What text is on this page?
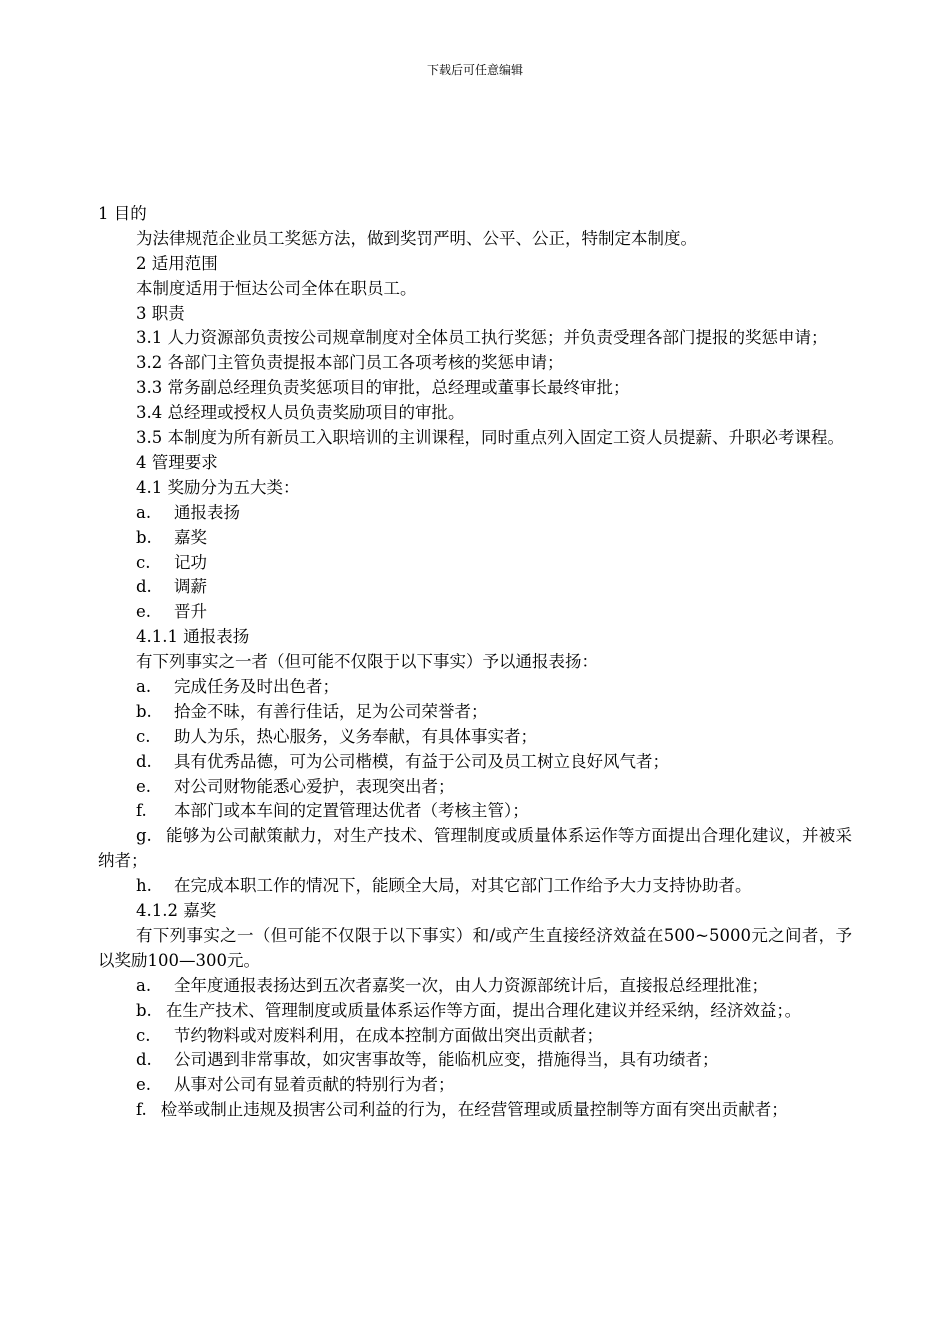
下载后可任意编辑
1 目的
为法律规范企业员工奖惩方法，做到奖罚严明、公平、公正，特制定本制度。
2 适用范围
本制度适用于恒达公司全体在职员工。
3 职责
3.1 人力资源部负责按公司规章制度对全体员工执行奖惩；并负责受理各部门提报的奖惩申请；
3.2 各部门主管负责提报本部门员工各项考核的奖惩申请；
3.3 常务副总经理负责奖惩项目的审批，总经理或董事长最终审批；
3.4 总经理或授权人员负责奖励项目的审批。
3.5 本制度为所有新员工入职培训的主训课程，同时重点列入固定工资人员提薪、升职必考课程。
4 管理要求
4.1 奖励分为五大类：
a. 通报表扬
b. 嘉奖
c. 记功
d. 调薪
e. 晋升
4.1.1 通报表扬
有下列事实之一者（但可能不仅限于以下事实）予以通报表扬：
a. 完成任务及时出色者；
b. 拾金不昧，有善行佳话，足为公司荣誉者；
c. 助人为乐，热心服务，义务奉献，有具体事实者；
d. 具有优秀品德，可为公司楷模，有益于公司及员工树立良好风气者；
e. 对公司财物能悉心爱护，表现突出者；
f. 本部门或本车间的定置管理达优者（考核主管）；
g. 能够为公司献策献力，对生产技术、管理制度或质量体系运作等方面提出合理化建议，并被采纳者；
h. 在完成本职工作的情况下，能顾全大局，对其它部门工作给予大力支持协助者。
4.1.2 嘉奖
有下列事实之一（但可能不仅限于以下事实）和/或产生直接经济效益在500~5000元之间者，予以奖励100—300元。
a. 全年度通报表扬达到五次者嘉奖一次，由人力资源部统计后，直接报总经理批准；
b. 在生产技术、管理制度或质量体系运作等方面，提出合理化建议并经采纳，经济效益；。
c. 节约物料或对废料利用，在成本控制方面做出突出贡献者；
d. 公司遇到非常事故，如灾害事故等，能临机应变，措施得当，具有功绩者；
e. 从事对公司有显着贡献的特别行为者；
f. 检举或制止违规及损害公司利益的行为，在经营管理或质量控制等方面有突出贡献者；
